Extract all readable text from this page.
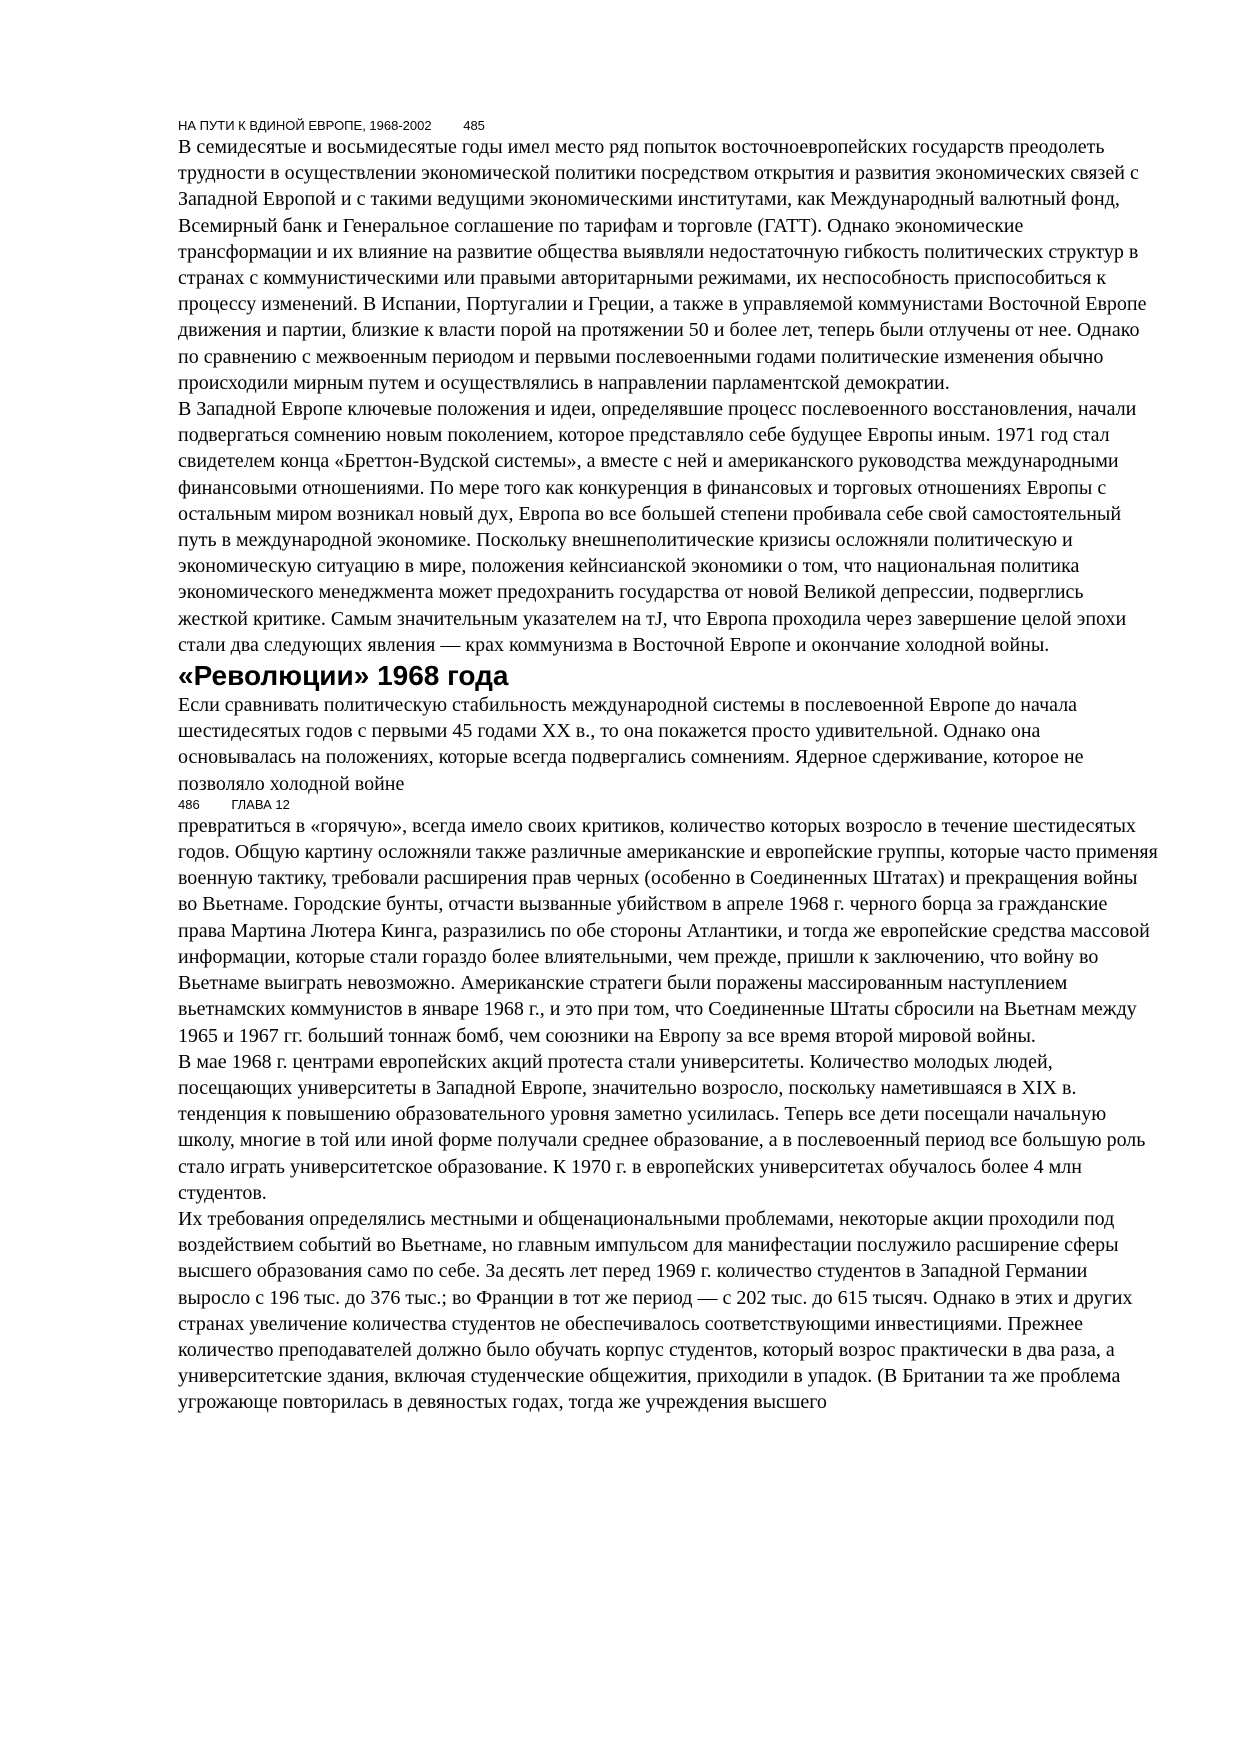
НА ПУТИ К ВДИНОЙ ЕВРОПЕ, 1968-2002 485

В семидесятые и восьмидесятые годы имел место ряд попыток восточноевропейских государств преодолеть трудности в осуществлении экономической политики посредством открытия и развития экономических связей с Западной Европой и с такими ведущими экономическими институтами, как Международный валютный фонд, Всемирный банк и Генеральное соглашение по тарифам и торговле (ГАТТ). Однако экономические трансформации и их влияние на развитие общества выявляли недостаточную гибкость политических структур в странах с коммунистическими или правыми авторитарными режимами, их неспособность приспособиться к процессу изменений. В Испании, Португалии и Греции, а также в управляемой коммунистами Восточной Европе движения и партии, близкие к власти порой на протяжении 50 и более лет, теперь были отлучены от нее. Однако по сравнению с межвоенным периодом и первыми послевоенными годами политические изменения обычно происходили мирным путем и осуществлялись в направлении парламентской демократии.

В Западной Европе ключевые положения и идеи, определявшие процесс послевоенного восстановления, начали подвергаться сомнению новым поколением, которое представляло себе будущее Европы иным. 1971 год стал свидетелем конца «Бреттон-Вудской системы», а вместе с ней и американского руководства международными финансовыми отношениями. По мере того как конкуренция в финансовых и торговых отношениях Европы с остальным миром возникал новый дух, Европа во все большей степени пробивала себе свой самостоятельный путь в международной экономике. Поскольку внешнеполитические кризисы осложняли политическую и экономическую ситуацию в мире, положения кейнсианской экономики о том, что национальная политика экономического менеджмента может предохранить государства от новой Великой депрессии, подверглись жесткой критике. Самым значительным указателем на тJ, что Европа проходила через завершение целой эпохи стали два следующих явления — крах коммунизма в Восточной Европе и окончание холодной войны.

«Революции» 1968 года

Если сравнивать политическую стабильность международной системы в послевоенной Европе до начала шестидесятых годов с первыми 45 годами XX в., то она покажется просто удивительной. Однако она основывалась на положениях, которые всегда подвергались сомнениям. Ядерное сдерживание, которое не позволяло холодной войне

486 ГЛАВА 12

превратиться в «горячую», всегда имело своих критиков, количество которых возросло в течение шестидесятых годов. Общую картину осложняли также различные американские и европейские группы, которые часто применяя военную тактику, требовали расширения прав черных (особенно в Соединенных Штатах) и прекращения войны во Вьетнаме. Городские бунты, отчасти вызванные убийством в апреле 1968 г. черного борца за гражданские права Мартина Лютера Кинга, разразились по обе стороны Атлантики, и тогда же европейские средства массовой информации, которые стали гораздо более влиятельными, чем прежде, пришли к заключению, что войну во Вьетнаме выиграть невозможно. Американские стратеги были поражены массированным наступлением вьетнамских коммунистов в январе 1968 г., и это при том, что Соединенные Штаты сбросили на Вьетнам между 1965 и 1967 гг. больший тоннаж бомб, чем союзники на Европу за все время второй мировой войны.

В мае 1968 г. центрами европейских акций протеста стали университеты. Количество молодых людей, посещающих университеты в Западной Европе, значительно возросло, поскольку наметившаяся в XIX в. тенденция к повышению образовательного уровня заметно усилилась. Теперь все дети посещали начальную школу, многие в той или иной форме получали среднее образование, а в послевоенный период все большую роль стало играть университетское образование. К 1970 г. в европейских университетах обучалось более 4 млн студентов.

Их требования определялись местными и общенациональными проблемами, некоторые акции проходили под воздействием событий во Вьетнаме, но главным импульсом для манифестации послужило расширение сферы высшего образования само по себе. За десять лет перед 1969 г. количество студентов в Западной Германии выросло с 196 тыс. до 376 тыс.; во Франции в тот же период — с 202 тыс. до 615 тысяч. Однако в этих и других странах увеличение количества студентов не обеспечивалось соответствующими инвестициями. Прежнее количество преподавателей должно было обучать корпус студентов, который возрос практически в два раза, а университетские здания, включая студенческие общежития, приходили в упадок. (В Британии та же проблема угрожающе повторилась в девяностых годах, тогда же учреждения высшего
